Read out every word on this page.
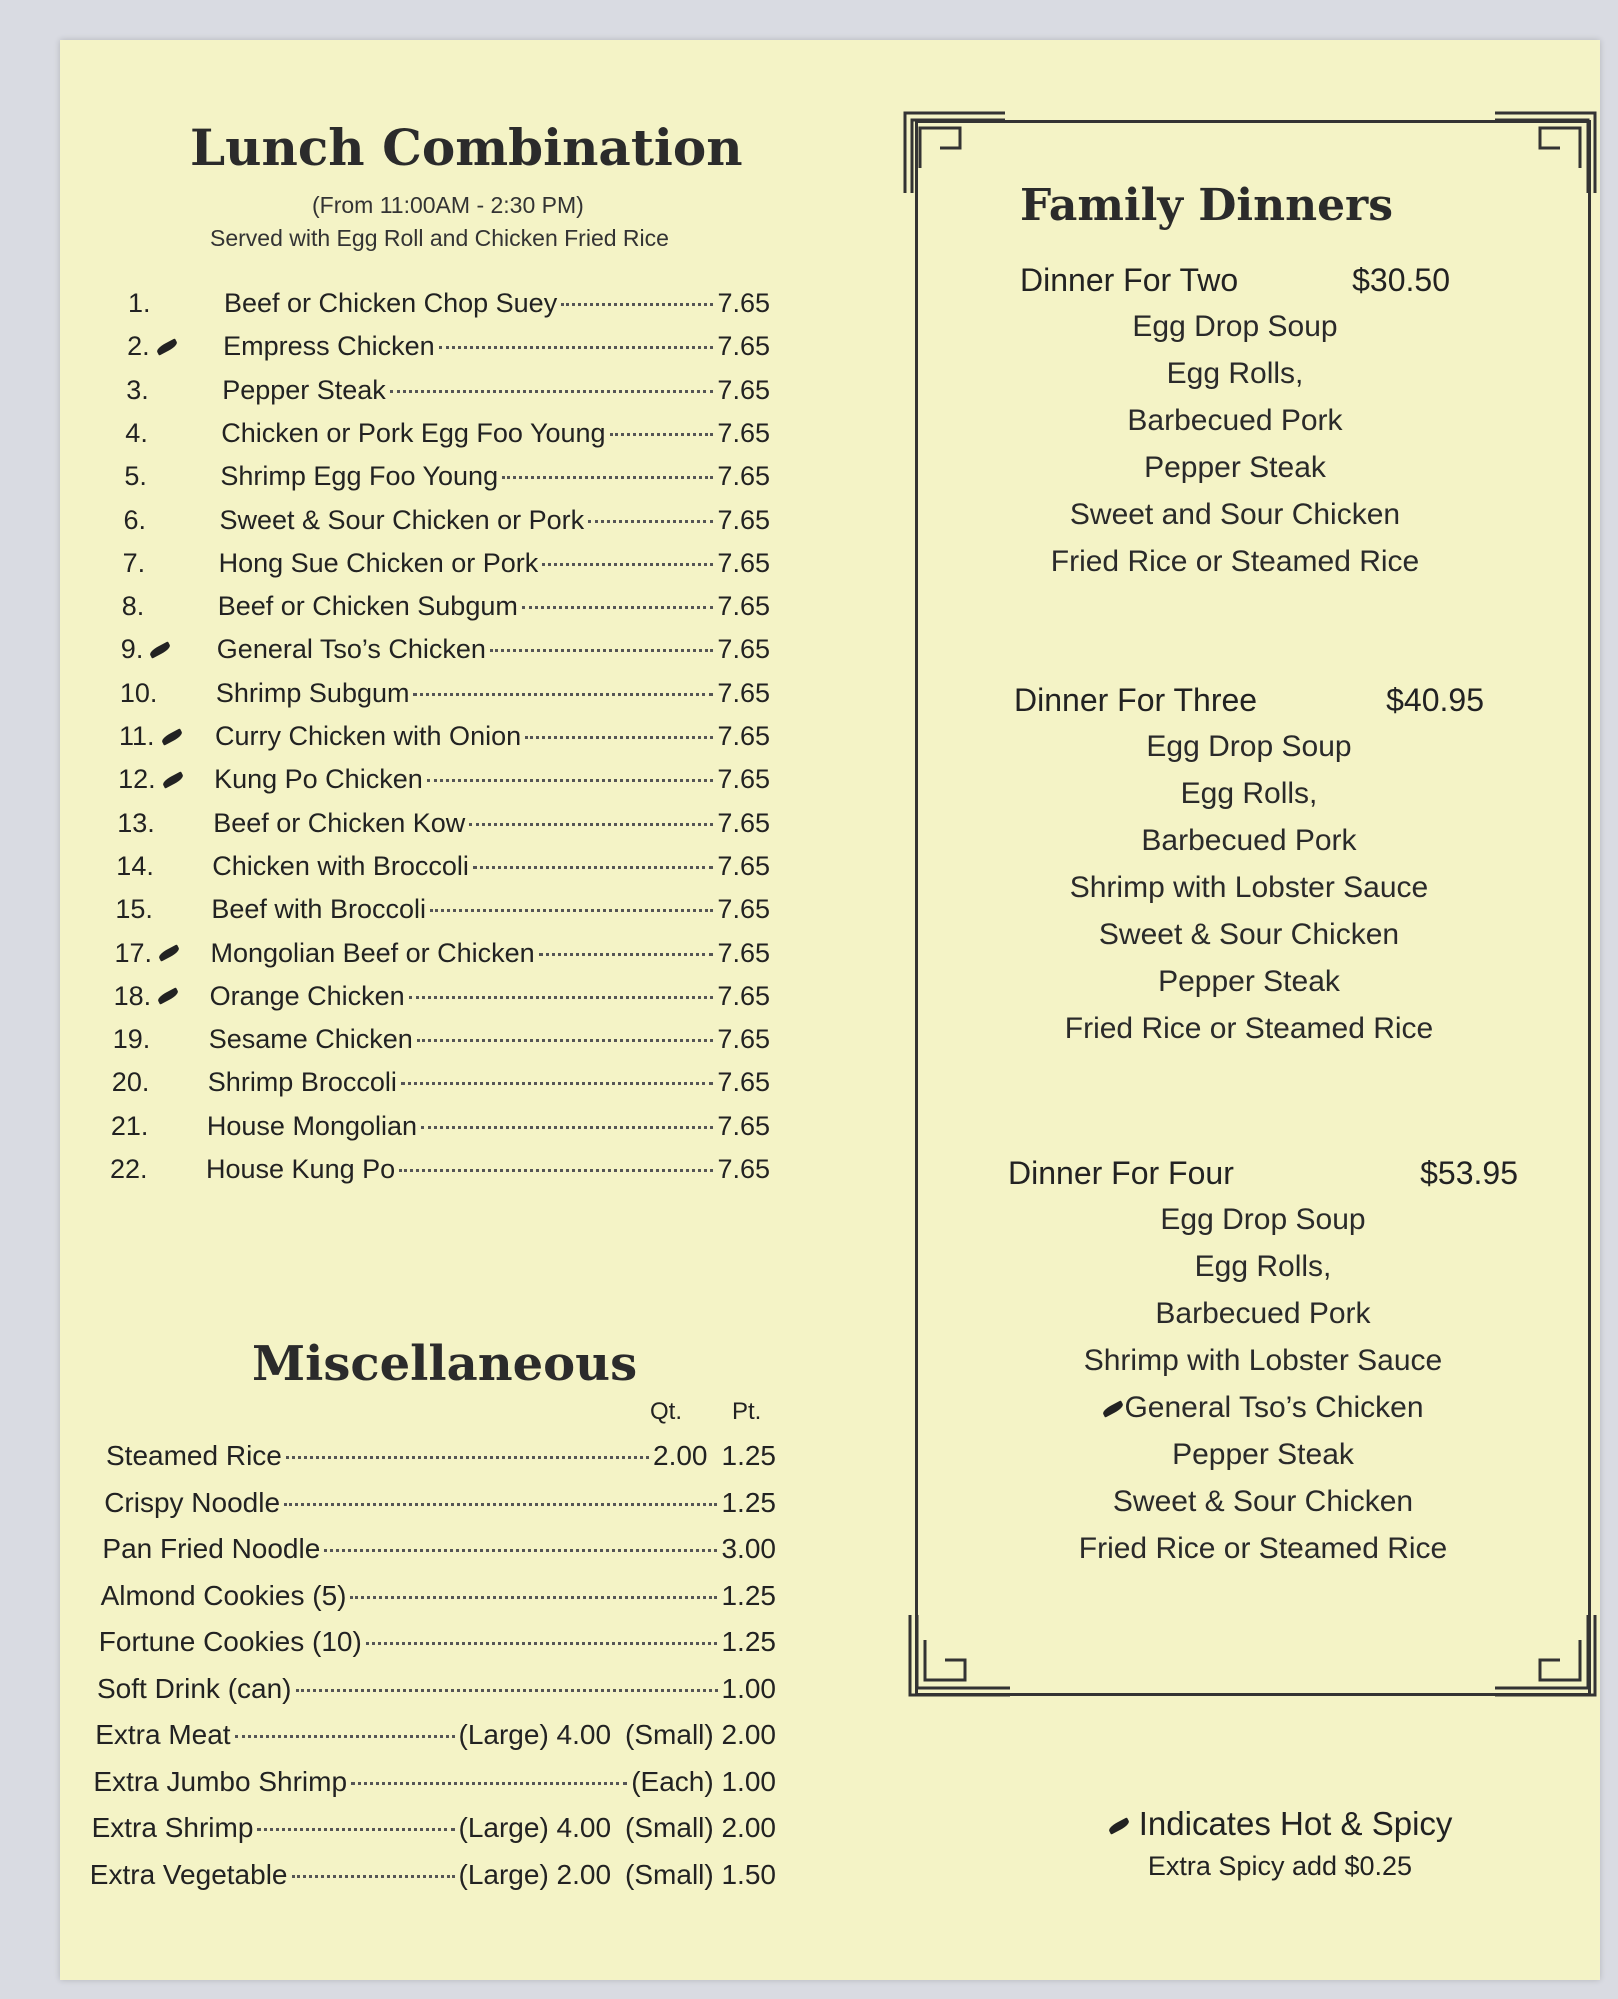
Lunch Combination
(From 11:00AM - 2:30 PM)
Served with Egg Roll and Chicken Fried Rice
1.	Beef or Chicken Chop Suey	7.65
2.	Empress Chicken	7.65
3.	Pepper Steak	7.65
4.	Chicken or Pork Egg Foo Young	7.65
5.	Shrimp Egg Foo Young	7.65
6.	Sweet & Sour Chicken or Pork	7.65
7.	Hong Sue Chicken or Pork	7.65
8.	Beef or Chicken Subgum	7.65
9.	General Tso’s Chicken	7.65
10. Shrimp Subgum	7.65
11. Curry Chicken with Onion	7.65
12. Kung Po Chicken	7.65
13. Beef or Chicken Kow	7.65
14. Chicken with Broccoli	7.65
15. Beef with Broccoli	7.65
17. Mongolian Beef or Chicken	7.65
18. Orange Chicken	7.65
19. Sesame Chicken	7.65
20. Shrimp Broccoli	7.65
21. House Mongolian	7.65
22. House Kung Po	7.65
Miscellaneous
Qt. Pt.
Steamed Rice	2.00 1.25
Crispy Noodle	1.25
Pan Fried Noodle	3.00
Almond Cookies (5)	1.25
Fortune Cookies (10)	1.25
Soft Drink (can)	1.00
Extra Meat	(Large) 4.00 (Small) 2.00
Extra Jumbo Shrimp	(Each) 1.00
Extra Shrimp	(Large) 4.00 (Small) 2.00
Extra Vegetable	(Large) 2.00 (Small) 1.50
Family Dinners
Dinner For Two	$30.50
Egg Drop Soup
Egg Rolls,
Barbecued Pork
Pepper Steak
Sweet and Sour Chicken
Fried Rice or Steamed Rice
Dinner For Three	$40.95
Egg Drop Soup
Egg Rolls,
Barbecued Pork
Shrimp with Lobster Sauce
Sweet & Sour Chicken
Pepper Steak
Fried Rice or Steamed Rice
Dinner For Four	$53.95
Egg Drop Soup
Egg Rolls,
Barbecued Pork
Shrimp with Lobster Sauce
General Tso’s Chicken
Pepper Steak
Sweet & Sour Chicken
Fried Rice or Steamed Rice
Indicates Hot & Spicy
Extra Spicy add $0.25
